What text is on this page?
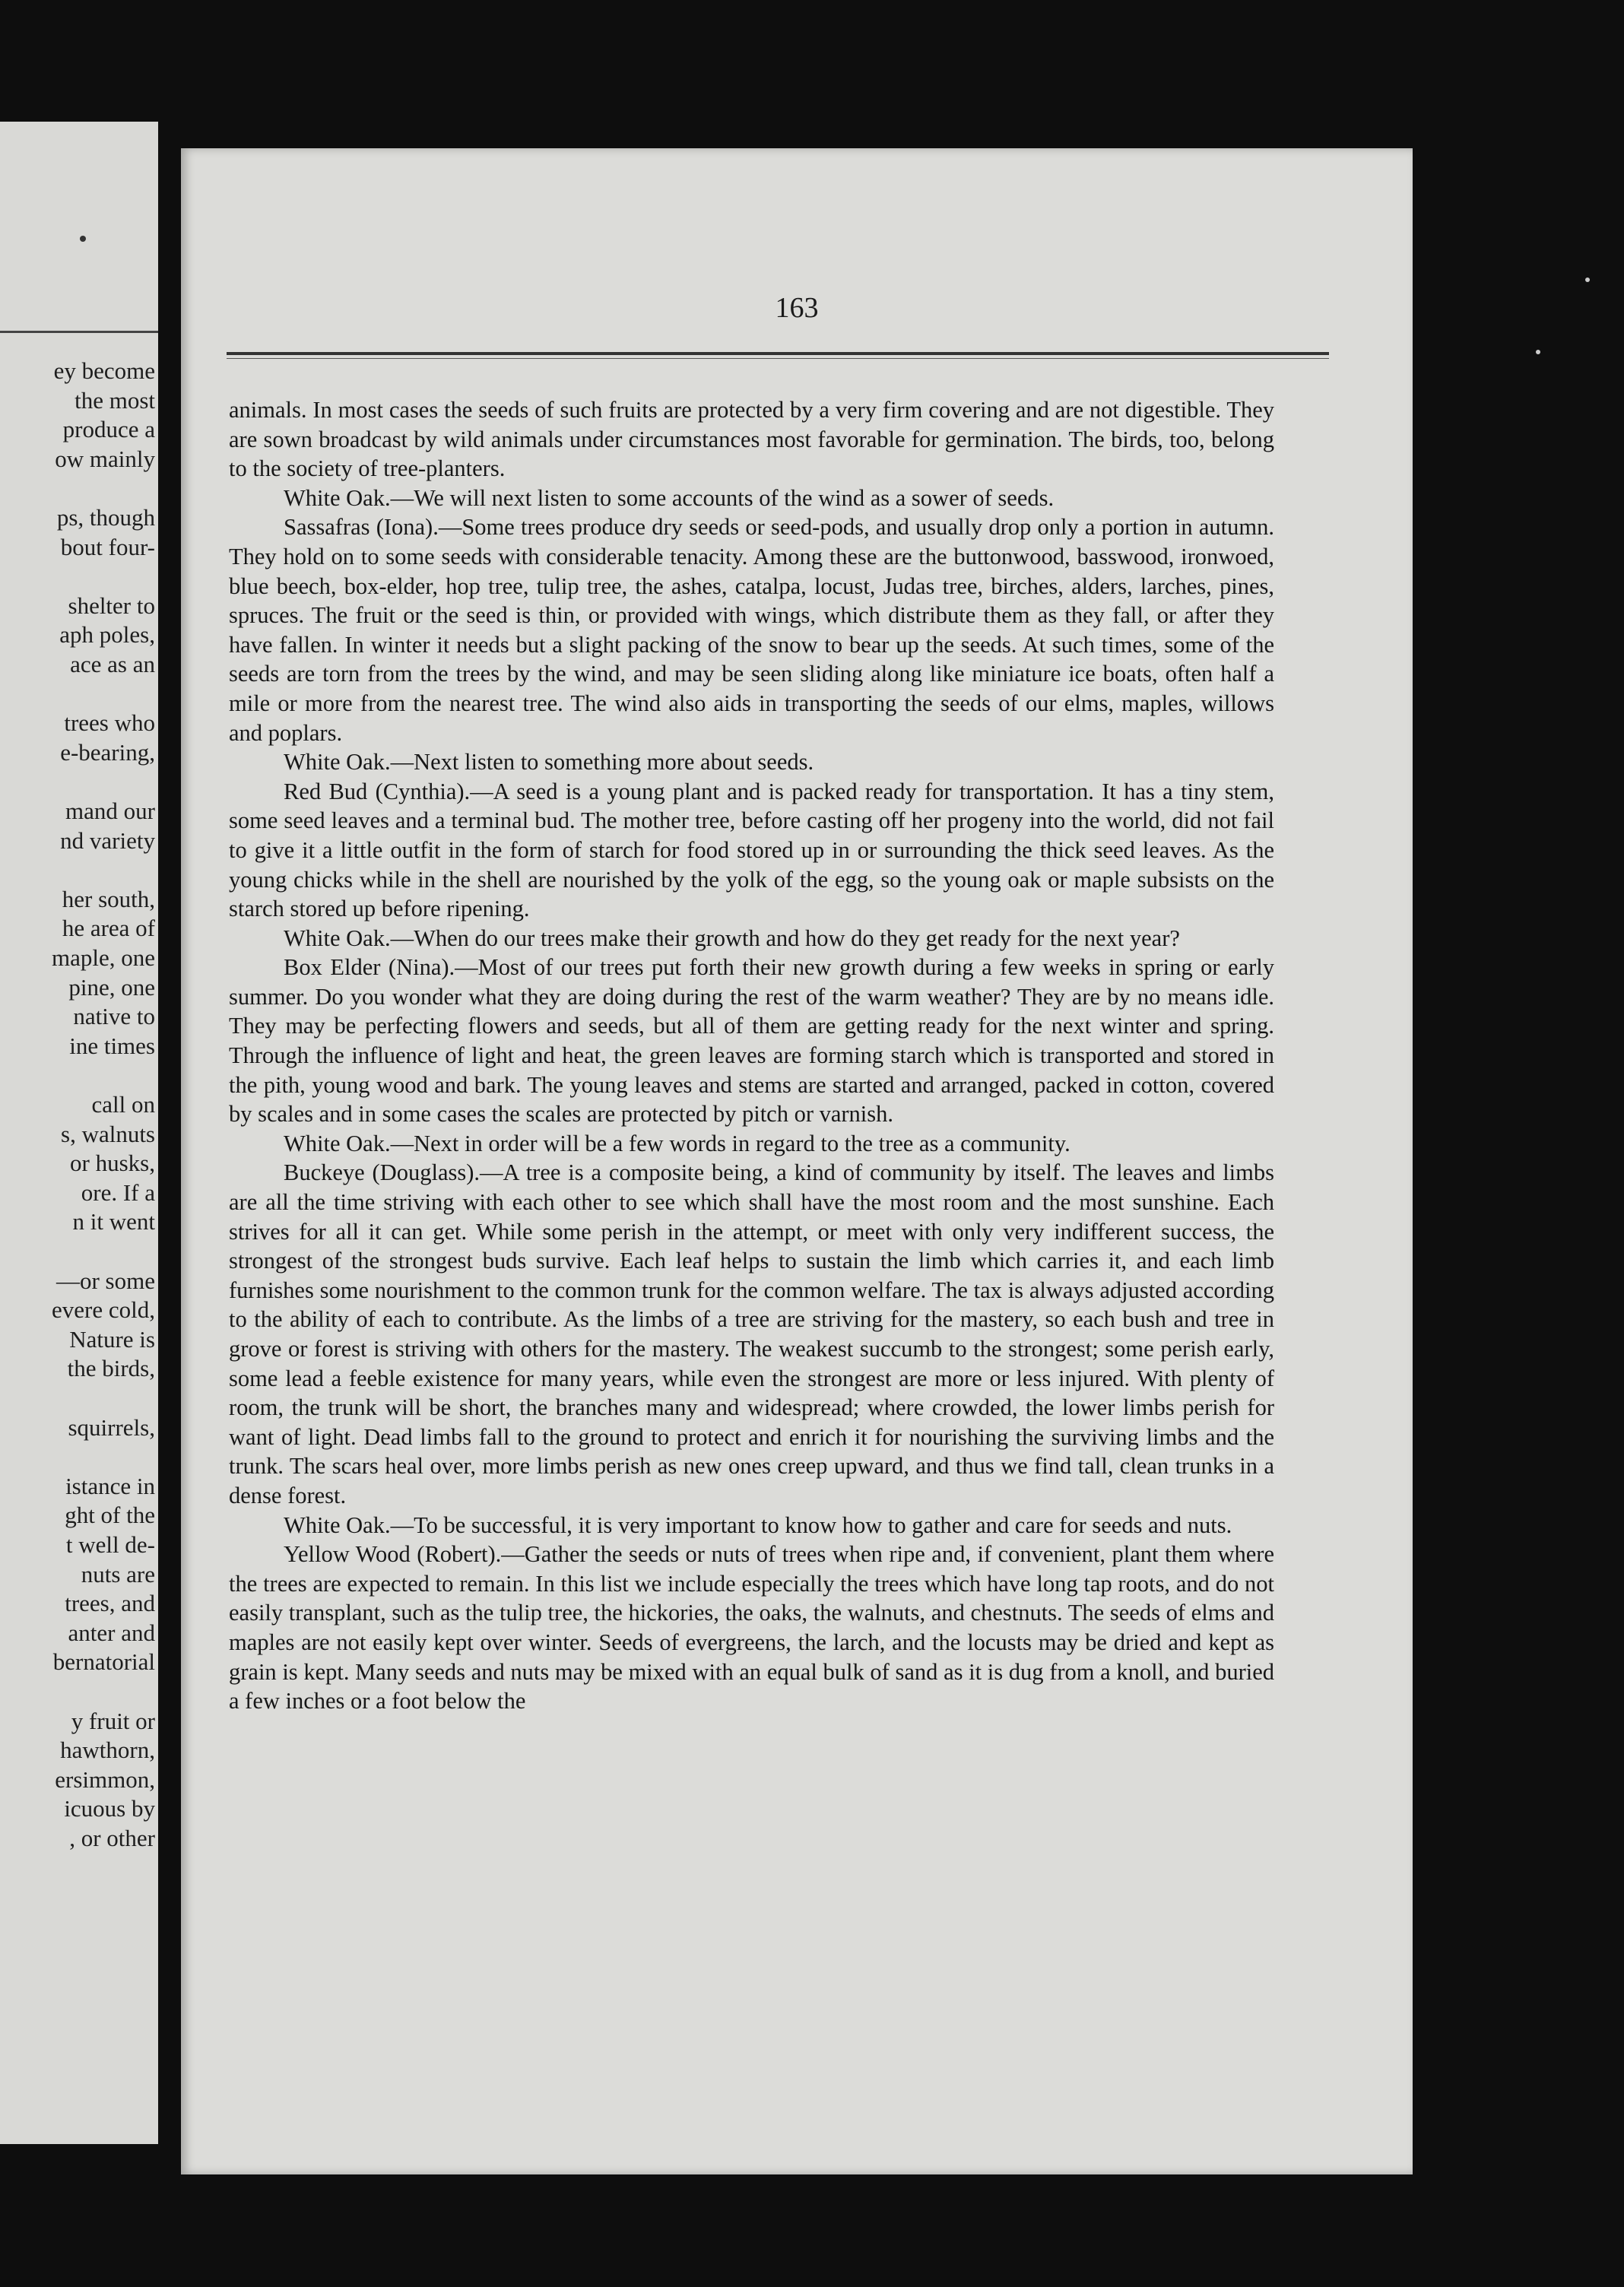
ey become
the most
produce a
ow mainly
ps, though
bout four-
shelter to
aph poles,
ace as an
trees who
e-bearing,
mand our
nd variety
her south,
he area of
maple, one
pine, one
native to
ine times
call on
s, walnuts
or husks,
ore. If a
n it went
—or some
evere cold,
Nature is
the birds,
squirrels,
istance in
ght of the
t well de-
nuts are
trees, and
anter and
bernatorial
y fruit or
hawthorn,
ersimmon,
icuous by
, or other
163

animals. In most cases the seeds of such fruits are protected by a very firm covering and are not digestible. They are sown broadcast by wild animals under circumstances most favorable for germination. The birds, too, belong to the society of tree-planters.

White Oak.—We will next listen to some accounts of the wind as a sower of seeds.

Sassafras (Iona).—Some trees produce dry seeds or seed-pods, and usually drop only a portion in autumn. They hold on to some seeds with considerable tenacity. Among these are the buttonwood, basswood, ironwoed, blue beech, box-elder, hop tree, tulip tree, the ashes, catalpa, locust, Judas tree, birches, alders, larches, pines, spruces. The fruit or the seed is thin, or provided with wings, which distribute them as they fall, or after they have fallen. In winter it needs but a slight packing of the snow to bear up the seeds. At such times, some of the seeds are torn from the trees by the wind, and may be seen sliding along like miniature ice boats, often half a mile or more from the nearest tree. The wind also aids in transporting the seeds of our elms, maples, willows and poplars.

White Oak.—Next listen to something more about seeds.

Red Bud (Cynthia).—A seed is a young plant and is packed ready for transportation. It has a tiny stem, some seed leaves and a terminal bud. The mother tree, before casting off her progeny into the world, did not fail to give it a little outfit in the form of starch for food stored up in or surrounding the thick seed leaves. As the young chicks while in the shell are nourished by the yolk of the egg, so the young oak or maple subsists on the starch stored up before ripening.

White Oak.—When do our trees make their growth and how do they get ready for the next year?

Box Elder (Nina).—Most of our trees put forth their new growth during a few weeks in spring or early summer. Do you wonder what they are doing during the rest of the warm weather? They are by no means idle. They may be perfecting flowers and seeds, but all of them are getting ready for the next winter and spring. Through the influence of light and heat, the green leaves are forming starch which is transported and stored in the pith, young wood and bark. The young leaves and stems are started and arranged, packed in cotton, covered by scales and in some cases the scales are protected by pitch or varnish.

White Oak.—Next in order will be a few words in regard to the tree as a community.

Buckeye (Douglass).—A tree is a composite being, a kind of community by itself. The leaves and limbs are all the time striving with each other to see which shall have the most room and the most sunshine. Each strives for all it can get. While some perish in the attempt, or meet with only very indifferent success, the strongest of the strongest buds survive. Each leaf helps to sustain the limb which carries it, and each limb furnishes some nourishment to the common trunk for the common welfare. The tax is always adjusted according to the ability of each to contribute. As the limbs of a tree are striving for the mastery, so each bush and tree in grove or forest is striving with others for the mastery. The weakest succumb to the strongest; some perish early, some lead a feeble existence for many years, while even the strongest are more or less injured. With plenty of room, the trunk will be short, the branches many and widespread; where crowded, the lower limbs perish for want of light. Dead limbs fall to the ground to protect and enrich it for nourishing the surviving limbs and the trunk. The scars heal over, more limbs perish as new ones creep upward, and thus we find tall, clean trunks in a dense forest.

White Oak.—To be successful, it is very important to know how to gather and care for seeds and nuts.

Yellow Wood (Robert).—Gather the seeds or nuts of trees when ripe and, if convenient, plant them where the trees are expected to remain. In this list we include especially the trees which have long tap roots, and do not easily transplant, such as the tulip tree, the hickories, the oaks, the walnuts, and chestnuts. The seeds of elms and maples are not easily kept over winter. Seeds of evergreens, the larch, and the locusts may be dried and kept as grain is kept. Many seeds and nuts may be mixed with an equal bulk of sand as it is dug from a knoll, and buried a few inches or a foot below the
